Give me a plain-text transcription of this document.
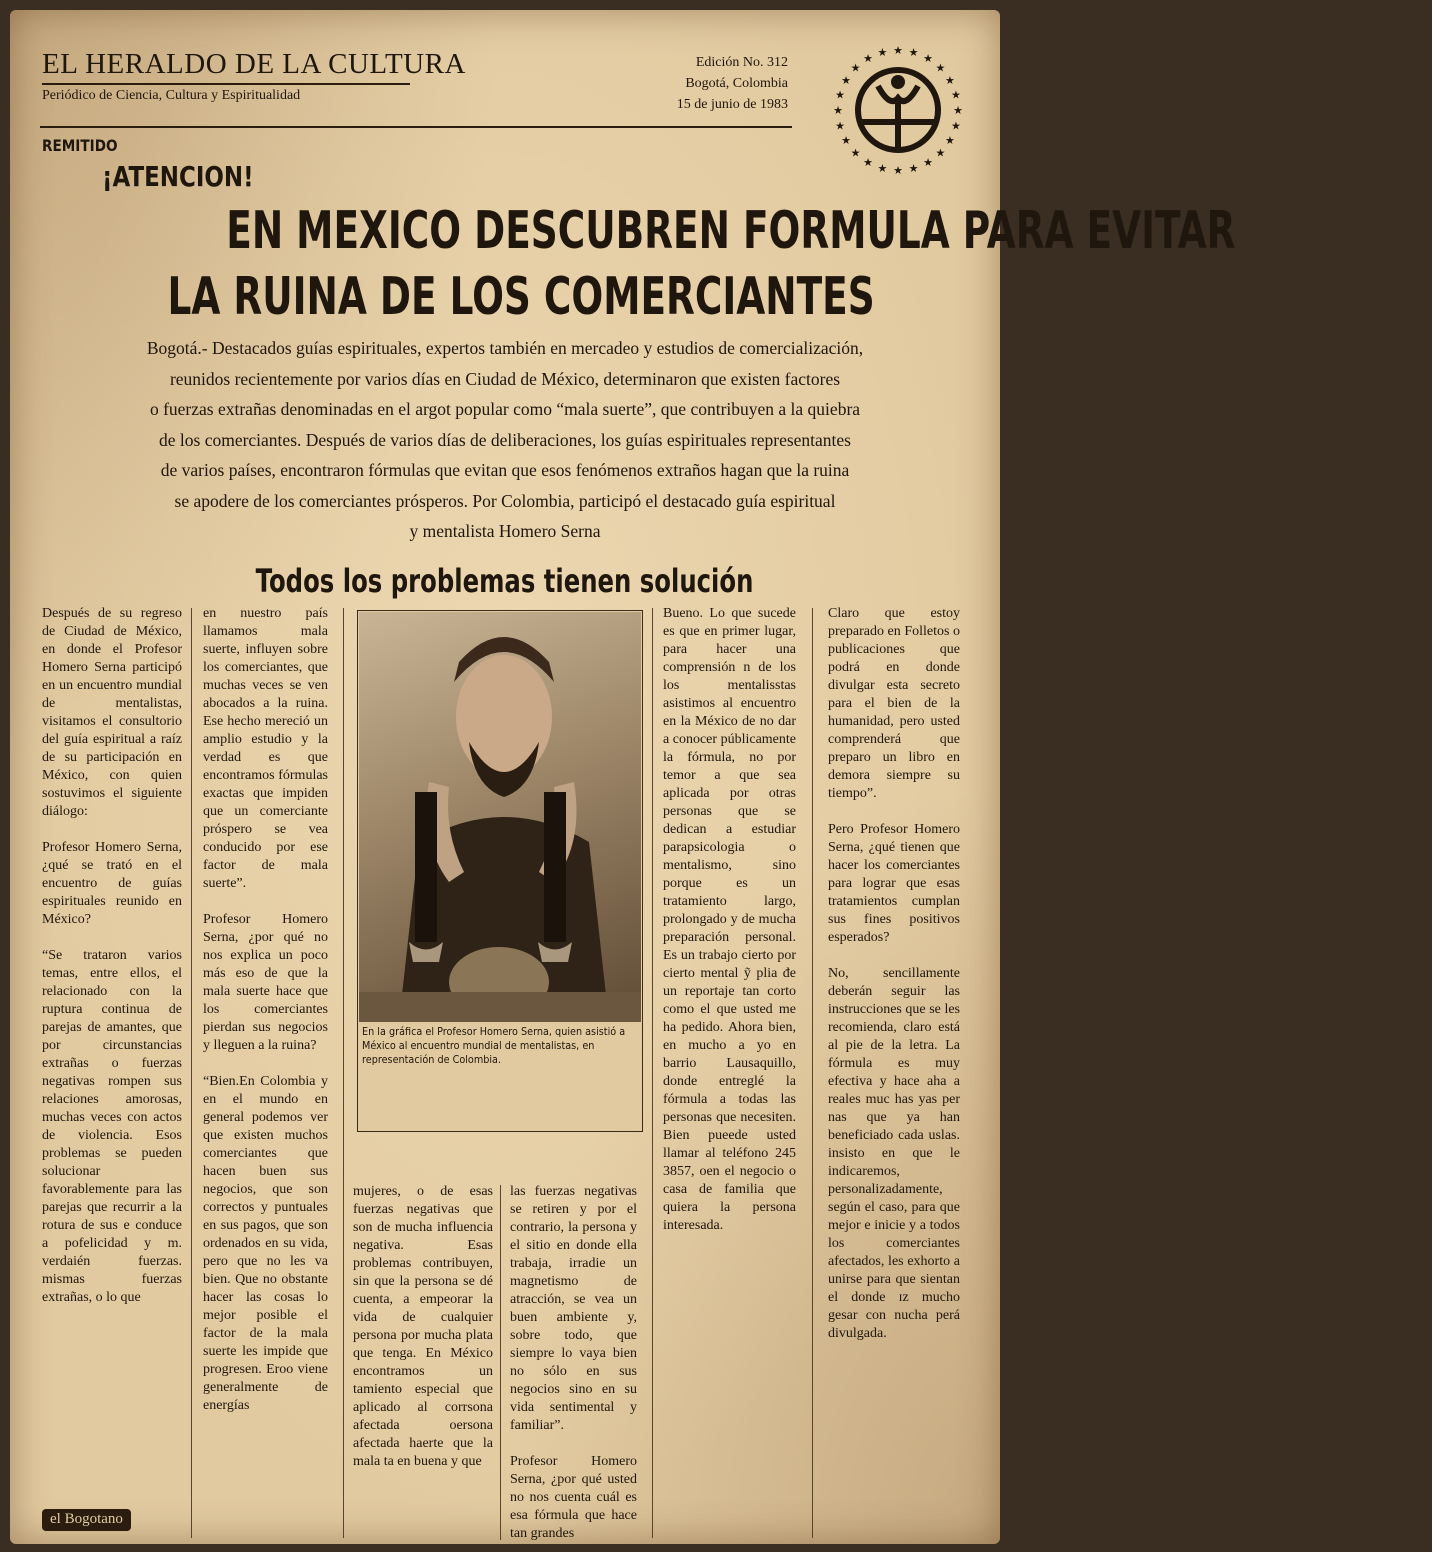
EL HERALDO DE LA CULTURA
Periódico de Ciencia, Cultura y Espiritualidad
Edición No. 312
Bogotá, Colombia
15 de junio de 1983	★
★
★
★
★
★
★
★
★
★
★
★
★
★
★
★
★ ★ ★ ★ ★
★
★
★
REMITIDO
¡ATENCION!
EN MEXICO DESCUBREN FORMULA PARA EVITAR
LA RUINA DE LOS COMERCIANTES
Bogotá.- Destacados guías espirituales, expertos también en mercadeo y estudios de comercialización,
reunidos recientemente por varios días en Ciudad de México, determinaron que existen factores
o fuerzas extrañas denominadas en el argot popular como “mala suerte”, que contribuyen a la quiebra
de los comerciantes. Después de varios días de deliberaciones, los guías espirituales representantes
de varios países, encontraron fórmulas que evitan que esos fenómenos extraños hagan que la ruina
se apodere de los comerciantes prósperos. Por Colombia, participó el destacado guía espiritual
y mentalista Homero Serna
Todos los problemas tienen solución

Después de su regreso de Ciudad de México, en donde el Profesor Homero Serna participó en un encuentro mundial de mentalistas, visitamos el consultorio del guía espiritual a raíz de su participación en México, con quien sostuvimos el siguiente diálogo:

Profesor Homero Serna, ¿qué se trató en el encuentro de guías espirituales reunido en México?

“Se trataron varios temas, entre ellos, el relacionado con la ruptura continua de parejas de amantes, que por circunstancias extrañas o fuerzas negativas rompen sus relaciones amorosas, muchas veces con actos de violencia. Esos problemas se pueden solucionar favorablemente para las parejas que recurrir a la rotura de sus e conduce a pofelicidad y m. verdaién fuerzas. mismas fuerzas extrañas, o lo que

en nuestro país llamamos mala suerte, influyen sobre los comerciantes, que muchas veces se ven abocados a la ruina. Ese hecho mereció un amplio estudio y la verdad es que encontramos fórmulas exactas que impiden que un comerciante próspero se vea conducido por ese factor de mala suerte”.

Profesor Homero Serna, ¿por qué no nos explica un poco más eso de que la mala suerte hace que los comerciantes pierdan sus negocios y lleguen a la ruina?

“Bien.En Colombia y en el mundo en general podemos ver que existen muchos comerciantes que hacen buen sus negocios, que son correctos y puntuales en sus pagos, que son ordenados en su vida, pero que no les va bien. Que no obstante hacer las cosas lo mejor posible el factor de la mala suerte les impide que progresen. Eroo viene generalmente de energías

En la gráfica el Profesor Homero Serna, quien asistió a México al encuentro mundial de mentalistas, en representación de Colombia.

mujeres, o de esas fuerzas negativas que son de mucha influencia negativa. Esas problemas contribuyen, sin que la persona se dé cuenta, a empeorar la vida de cualquier persona por mucha plata que tenga. En México encontramos un tamiento especial que aplicado al corrsona afectada oersona afectada haerte que la mala ta en buena y que

las fuerzas negativas se retiren y por el contrario, la persona y el sitio en donde ella trabaja, irradie un magnetismo de atracción, se vea un buen ambiente y, sobre todo, que siempre lo vaya bien no sólo en sus negocios sino en su vida sentimental y familiar”.

Profesor Homero Serna, ¿por qué usted no nos cuenta cuál es esa fórmula que hace tan grandes

Bueno. Lo que sucede es que en primer lugar, para hacer una comprensión n de los los mentalisstas asistimos al encuentro en la México de no dar a conocer públicamente la fórmula, no por temor a que sea aplicada por otras personas que se dedican a estudiar parapsicologia o mentalismo, sino porque es un tratamiento largo, prolongado y de mucha preparación personal. Es un trabajo cierto por cierto mental ỹ plia đe un reportaje tan corto como el que usted me ha pedido. Ahora bien, en mucho a yo en barrio Lausaquillo, donde entreglé la fórmula a todas las personas que necesiten. Bien pueede usted llamar al teléfono 245 3857, oen el negocio o casa de familia que quiera la persona interesada.

Claro que estoy preparado en Folletos o publicaciones que podrá en donde divulgar esta secreto para el bien de la humanidad, pero usted comprenderá que preparo un libro en demora siempre su tiempo”.

Pero Profesor Homero Serna, ¿qué tienen que hacer los comerciantes para lograr que esas tratamientos cumplan sus fines positivos esperados?

No, sencillamente deberán seguir las instrucciones que se les recomienda, claro está al pie de la letra. La fórmula es muy efectiva y hace aha a reales muc has yas per nas que ya han beneficiado cada uslas. insisto en que le indicaremos, personalizadamente, según el caso, para que mejor e inicie y a todos los comerciantes afectados, les exhorto a unirse para que sientan el donde ɪᴢ mucho gesar con nucha perá divulgada.

el Bogotano
